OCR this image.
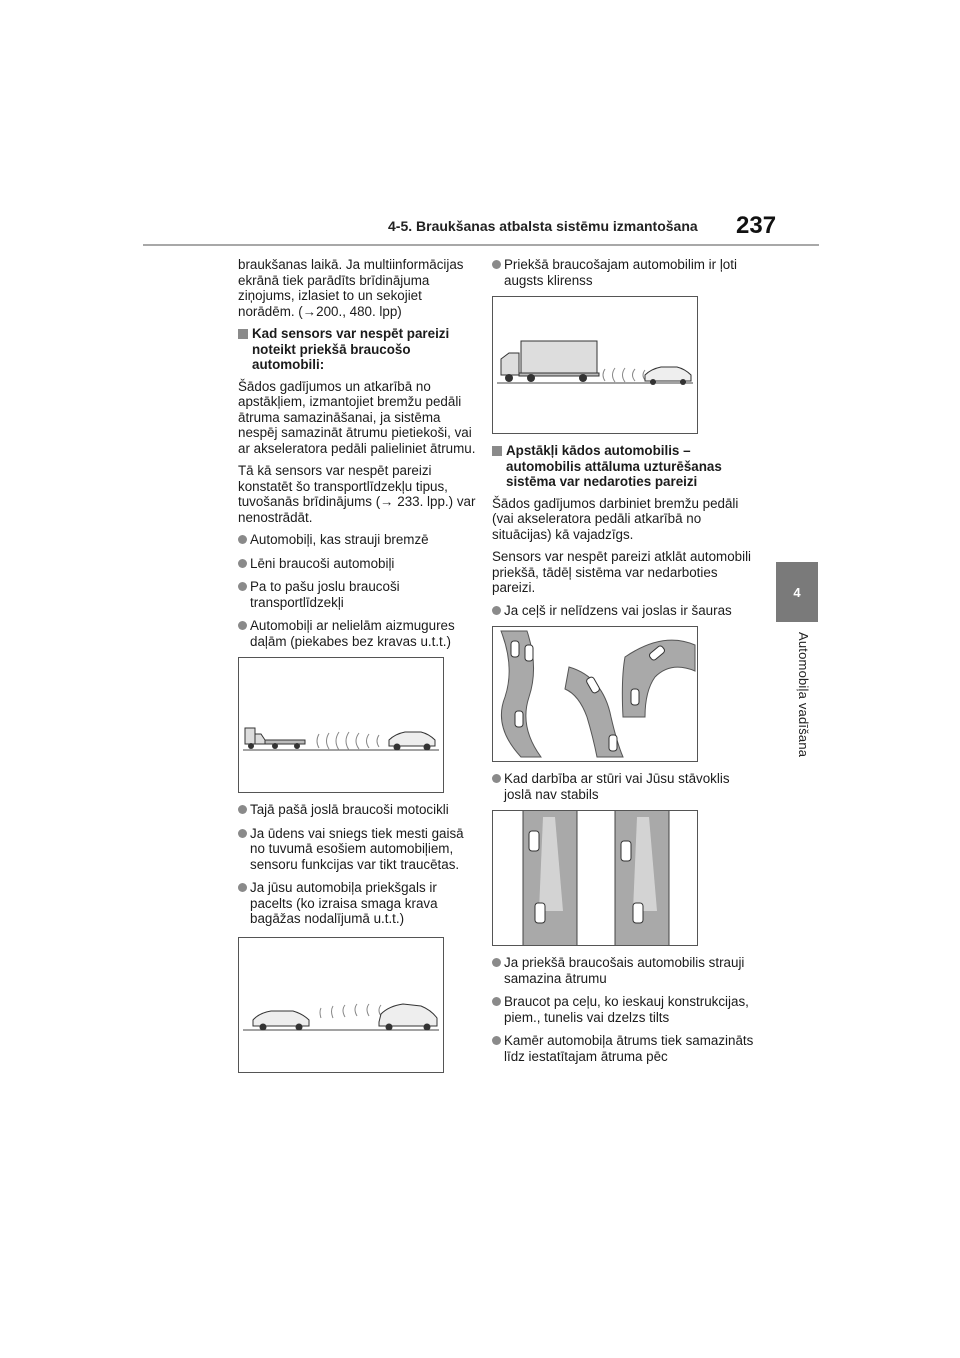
4-5. Braukšanas atbalsta sistēmu izmantošana 237
4
Automobiļa vadīšana

braukšanas laikā. Ja multiinformācijas ekrānā tiek parādīts brīdinājuma ziņojums, izlasiet to un sekojiet norādēm. (→200., 480. lpp)

Kad sensors var nespēt pareizi noteikt priekšā braucošo automobili:

Šādos gadījumos un atkarībā no apstākļiem, izmantojiet bremžu pedāli ātruma samazināšanai, ja sistēma nespēj samazināt ātrumu pietiekoši, vai ar akseleratora pedāli palieliniet ātrumu.

Tā kā sensors var nespēt pareizi konstatēt šo transportlīdzekļu tipus, tuvošanās brīdinājums (→ 233. lpp.) var nenostrādāt.

Automobiļi, kas strauji bremzē
Lēni braucoši automobiļi
Pa to pašu joslu braucoši transportlīdzekļi
Automobiļi ar nelielām aizmugures daļām (piekabes bez kravas u.t.t.)
Tajā pašā joslā braucoši motocikli
Ja ūdens vai sniegs tiek mesti gaisā no tuvumā esošiem automobiļiem, sensoru funkcijas var tikt traucētas.
Ja jūsu automobiļa priekšgals ir pacelts (ko izraisa smaga krava bagāžas nodalījumā u.t.t.)
Priekšā braucošajam automobilim ir ļoti augsts klirenss
Apstākļi kādos automobilis – automobilis attāluma uzturēšanas sistēma var nedaroties pareizi

Šādos gadījumos darbiniet bremžu pedāli (vai akseleratora pedāli atkarībā no situācijas) kā vajadzīgs.

Sensors var nespēt pareizi atklāt automobili priekšā, tādēļ sistēma var nedarboties pareizi.

Ja ceļš ir nelīdzens vai joslas ir šauras
Kad darbība ar stūri vai Jūsu stāvoklis joslā nav stabils
Ja priekšā braucošais automobilis strauji samazina ātrumu
Braucot pa ceļu, ko ieskauj konstrukcijas, piem., tunelis vai dzelzs tilts
Kamēr automobiļa ātrums tiek samazināts līdz iestatītajam ātruma pēc
